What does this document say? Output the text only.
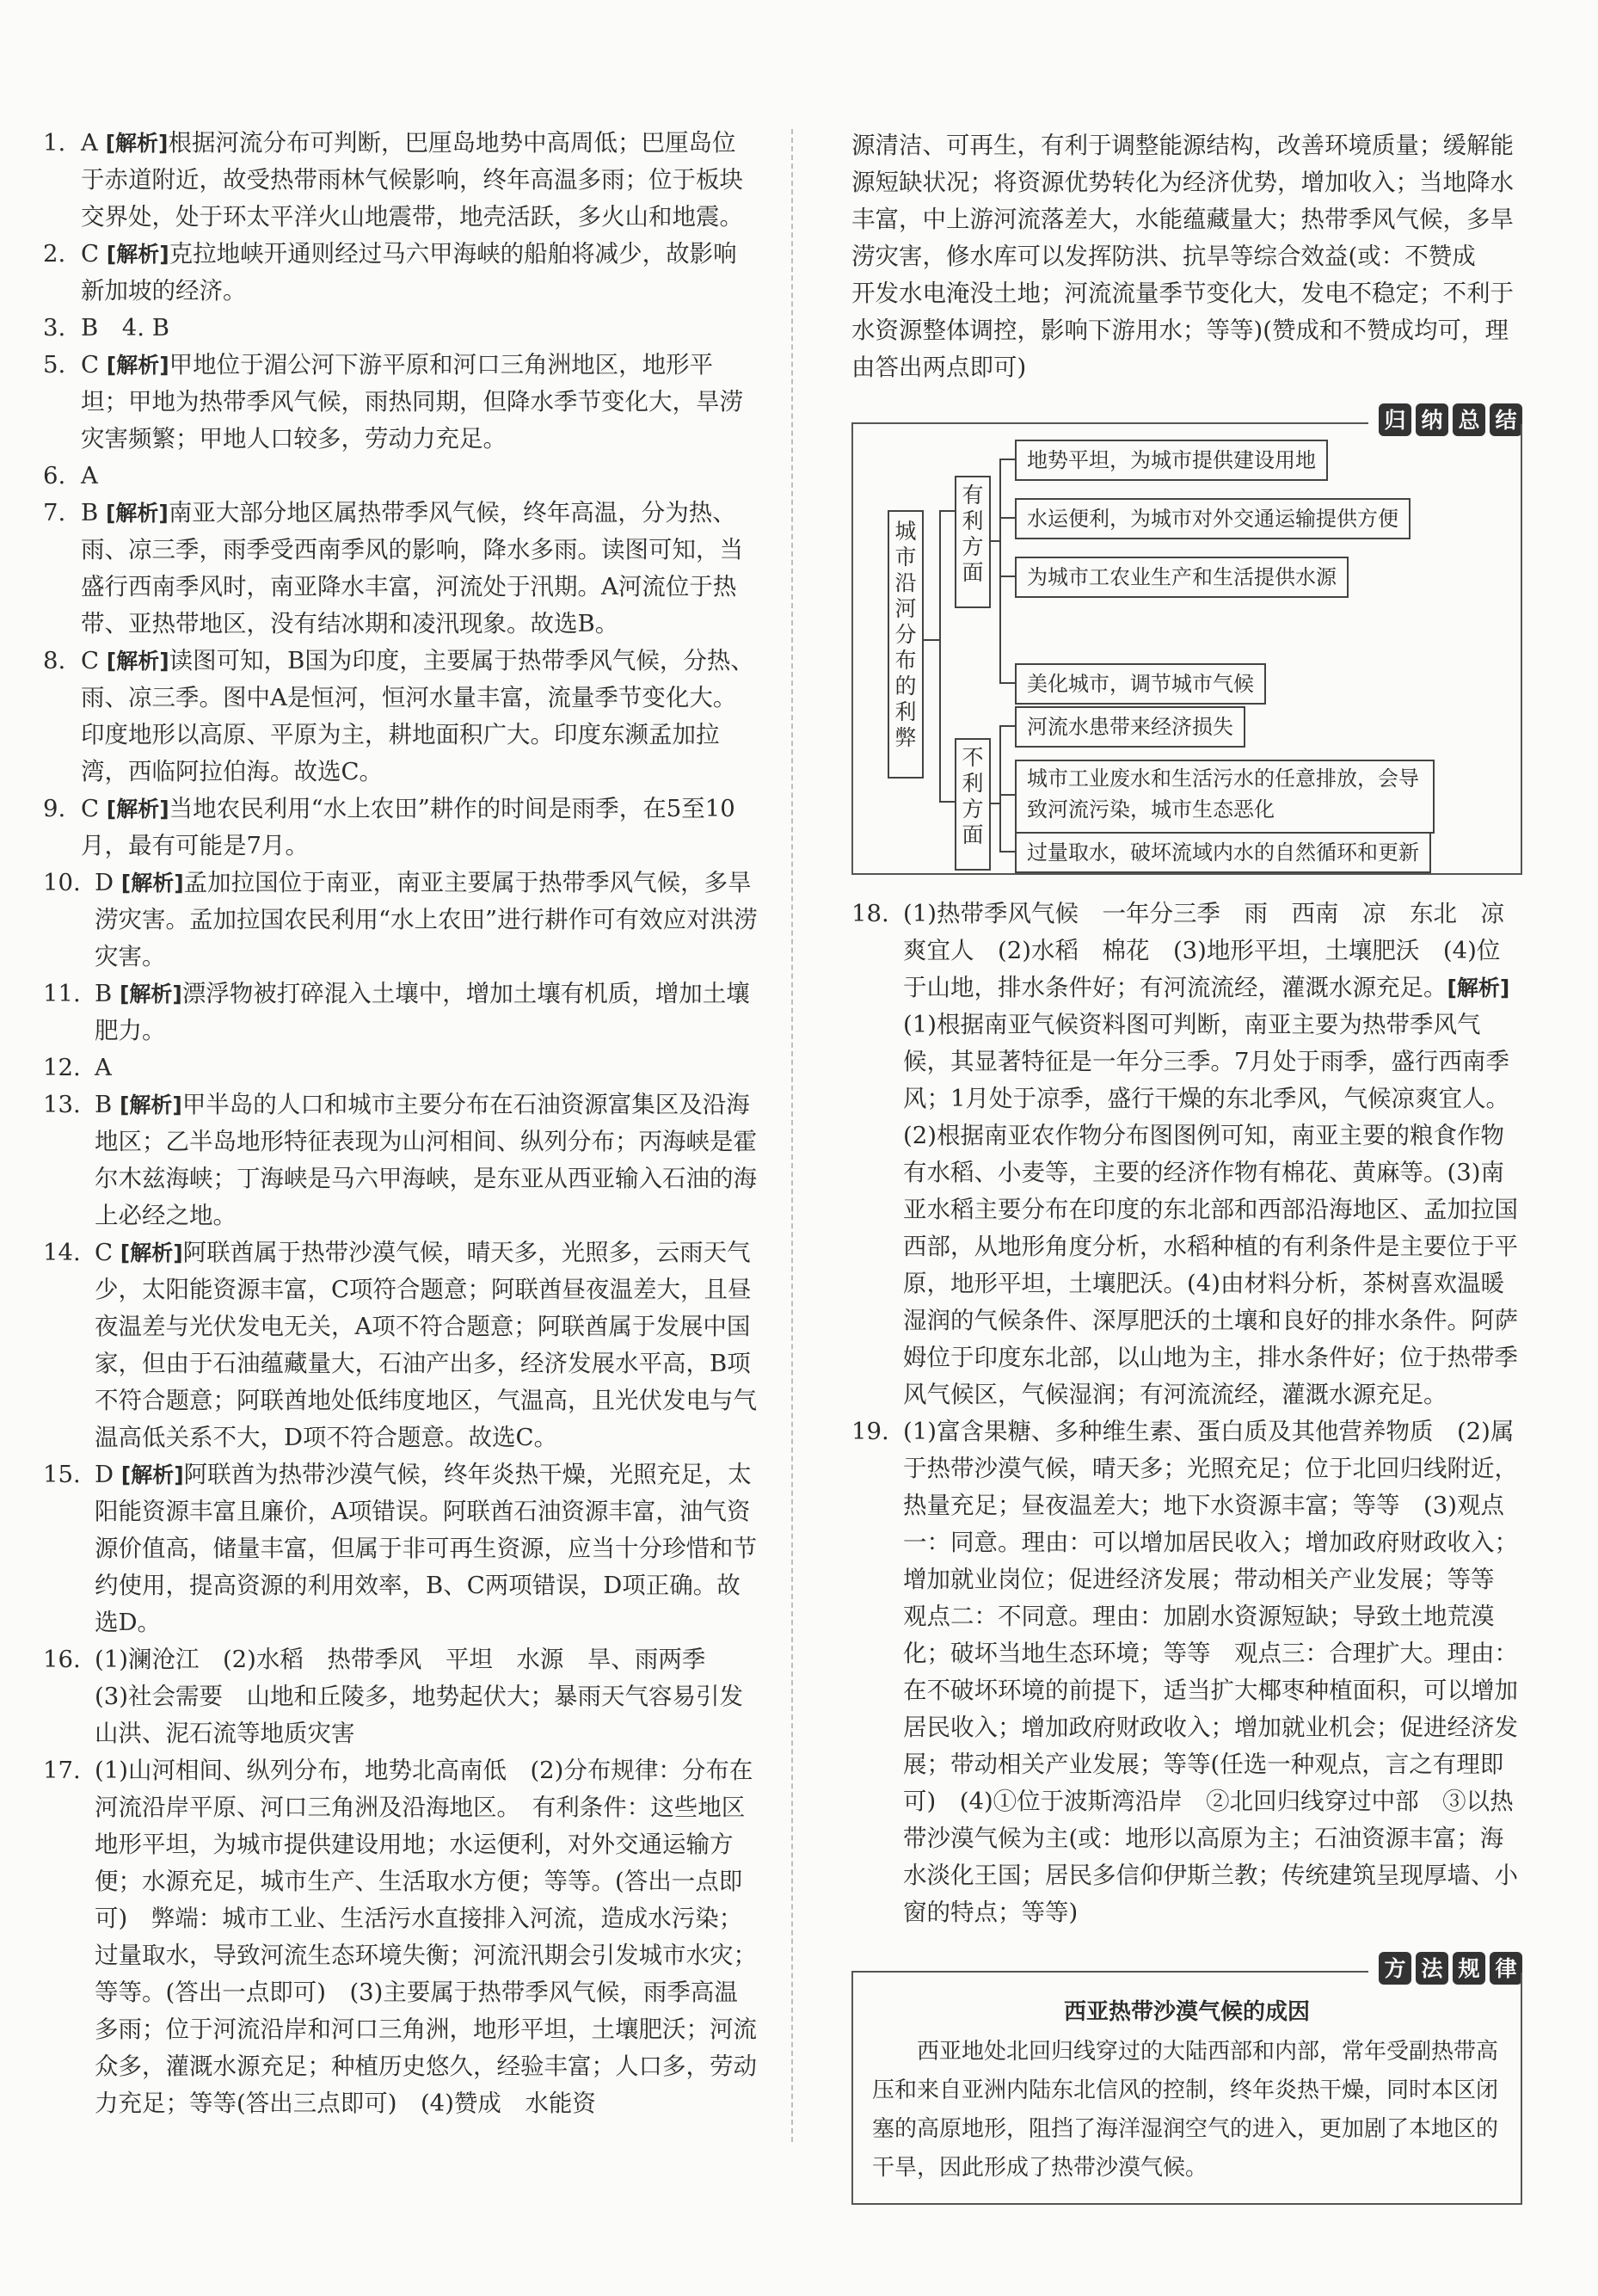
1. A [解析]根据河流分布可判断，巴厘岛地势中高周低；巴厘岛位于赤道附近，故受热带雨林气候影响，终年高温多雨；位于板块交界处，处于环太平洋火山地震带，地壳活跃，多火山和地震。

2. C [解析]克拉地峡开通则经过马六甲海峡的船舶将减少，故影响新加坡的经济。

3. B　4. B

5. C [解析]甲地位于湄公河下游平原和河口三角洲地区，地形平坦；甲地为热带季风气候，雨热同期，但降水季节变化大，旱涝灾害频繁；甲地人口较多，劳动力充足。

6. A

7. B [解析]南亚大部分地区属热带季风气候，终年高温，分为热、雨、凉三季，雨季受西南季风的影响，降水多雨。读图可知，当盛行西南季风时，南亚降水丰富，河流处于汛期。A河流位于热带、亚热带地区，没有结冰期和凌汛现象。故选B。

8. C [解析]读图可知，B国为印度，主要属于热带季风气候，分热、雨、凉三季。图中A是恒河，恒河水量丰富，流量季节变化大。印度地形以高原、平原为主，耕地面积广大。印度东濒孟加拉湾，西临阿拉伯海。故选C。

9. C [解析]当地农民利用“水上农田”耕作的时间是雨季，在5至10月，最有可能是7月。

10. D [解析]孟加拉国位于南亚，南亚主要属于热带季风气候，多旱涝灾害。孟加拉国农民利用“水上农田”进行耕作可有效应对洪涝灾害。

11. B [解析]漂浮物被打碎混入土壤中，增加土壤有机质，增加土壤肥力。

12. A

13. B [解析]甲半岛的人口和城市主要分布在石油资源富集区及沿海地区；乙半岛地形特征表现为山河相间、纵列分布；丙海峡是霍尔木兹海峡；丁海峡是马六甲海峡，是东亚从西亚输入石油的海上必经之地。

14. C [解析]阿联酋属于热带沙漠气候，晴天多，光照多，云雨天气少，太阳能资源丰富，C项符合题意；阿联酋昼夜温差大，且昼夜温差与光伏发电无关，A项不符合题意；阿联酋属于发展中国家，但由于石油蕴藏量大，石油产出多，经济发展水平高，B项不符合题意；阿联酋地处低纬度地区，气温高，且光伏发电与气温高低关系不大，D项不符合题意。故选C。

15. D [解析]阿联酋为热带沙漠气候，终年炎热干燥，光照充足，太阳能资源丰富且廉价，A项错误。阿联酋石油资源丰富，油气资源价值高，储量丰富，但属于非可再生资源，应当十分珍惜和节约使用，提高资源的利用效率，B、C两项错误，D项正确。故选D。

16. (1)澜沧江　(2)水稻　热带季风　平坦　水源　旱、雨两季　(3)社会需要　山地和丘陵多，地势起伏大；暴雨天气容易引发山洪、泥石流等地质灾害

17. (1)山河相间、纵列分布，地势北高南低　(2)分布规律：分布在河流沿岸平原、河口三角洲及沿海地区。　有利条件：这些地区地形平坦，为城市提供建设用地；水运便利，对外交通运输方便；水源充足，城市生产、生活取水方便；等等。(答出一点即可)　弊端：城市工业、生活污水直接排入河流，造成水污染；过量取水，导致河流生态环境失衡；河流汛期会引发城市水灾；等等。(答出一点即可)　(3)主要属于热带季风气候，雨季高温多雨；位于河流沿岸和河口三角洲，地形平坦，土壤肥沃；河流众多，灌溉水源充足；种植历史悠久，经验丰富；人口多，劳动力充足；等等(答出三点即可)　(4)赞成　水能资

源清洁、可再生，有利于调整能源结构，改善环境质量；缓解能源短缺状况；将资源优势转化为经济优势，增加收入；当地降水丰富，中上游河流落差大，水能蕴藏量大；热带季风气候，多旱涝灾害，修水库可以发挥防洪、抗旱等综合效益(或：不赞成　开发水电淹没土地；河流流量季节变化大，发电不稳定；不利于水资源整体调控，影响下游用水；等等)(赞成和不赞成均可，理由答出两点即可)

归 纳 总 结
城
市
沿
河
分
布
的
利
弊
有
利
方
面
不
利
方
面
地势平坦，为城市提供建设用地
水运便利，为城市对外交通运输提供方便
为城市工农业生产和生活提供水源
美化城市，调节城市气候
河流水患带来经济损失
城市工业废水和生活污水的任意排放，会导致河流污染，城市生态恶化
过量取水，破坏流域内水的自然循环和更新

18. (1)热带季风气候　一年分三季　雨　西南　凉　东北　凉爽宜人　(2)水稻　棉花　(3)地形平坦，土壤肥沃　(4)位于山地，排水条件好；有河流流经，灌溉水源充足。[解析](1)根据南亚气候资料图可判断，南亚主要为热带季风气候，其显著特征是一年分三季。7月处于雨季，盛行西南季风；1月处于凉季，盛行干燥的东北季风，气候凉爽宜人。(2)根据南亚农作物分布图图例可知，南亚主要的粮食作物有水稻、小麦等，主要的经济作物有棉花、黄麻等。(3)南亚水稻主要分布在印度的东北部和西部沿海地区、孟加拉国西部，从地形角度分析，水稻种植的有利条件是主要位于平原，地形平坦，土壤肥沃。(4)由材料分析，茶树喜欢温暖湿润的气候条件、深厚肥沃的土壤和良好的排水条件。阿萨姆位于印度东北部，以山地为主，排水条件好；位于热带季风气候区，气候湿润；有河流流经，灌溉水源充足。

19. (1)富含果糖、多种维生素、蛋白质及其他营养物质　(2)属于热带沙漠气候，晴天多；光照充足；位于北回归线附近，热量充足；昼夜温差大；地下水资源丰富；等等　(3)观点一：同意。理由：可以增加居民收入；增加政府财政收入；增加就业岗位；促进经济发展；带动相关产业发展；等等　观点二：不同意。理由：加剧水资源短缺；导致土地荒漠化；破坏当地生态环境；等等　观点三：合理扩大。理由：在不破坏环境的前提下，适当扩大椰枣种植面积，可以增加居民收入；增加政府财政收入；增加就业机会；促进经济发展；带动相关产业发展；等等(任选一种观点，言之有理即可)　(4)①位于波斯湾沿岸　②北回归线穿过中部　③以热带沙漠气候为主(或：地形以高原为主；石油资源丰富；海水淡化王国；居民多信仰伊斯兰教；传统建筑呈现厚墙、小窗的特点；等等)

方 法 规 律
西亚热带沙漠气候的成因

西亚地处北回归线穿过的大陆西部和内部，常年受副热带高压和来自亚洲内陆东北信风的控制，终年炎热干燥，同时本区闭塞的高原地形，阻挡了海洋湿润空气的进入，更加剧了本地区的干旱，因此形成了热带沙漠气候。
